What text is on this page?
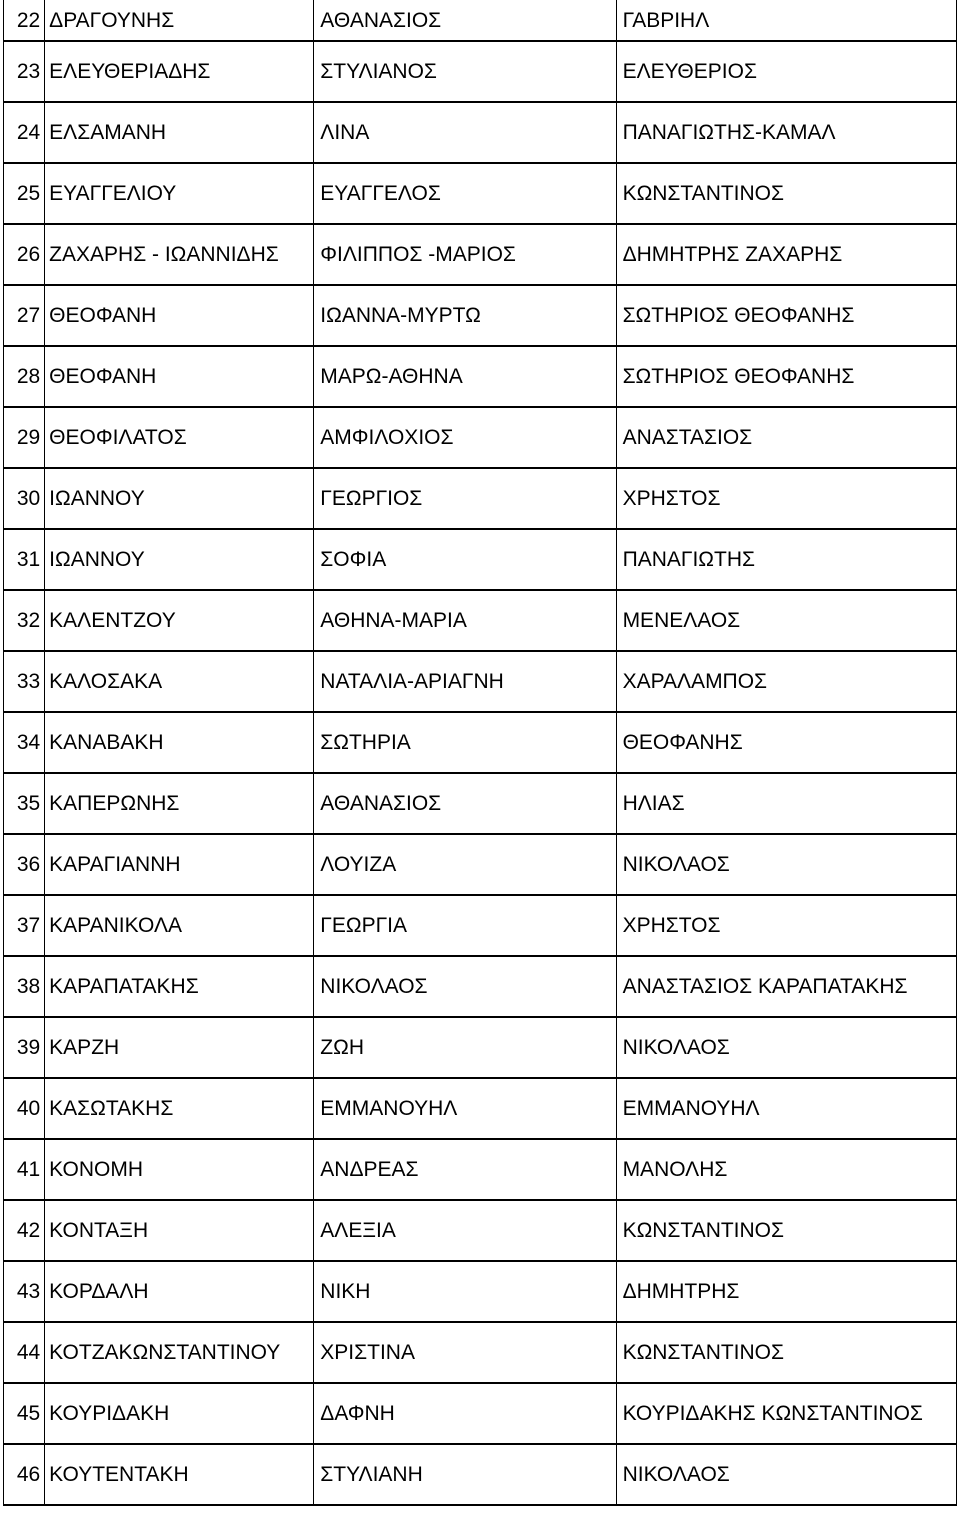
22	ΔΡΑΓΟΥΝΗΣ	ΑΘΑΝΑΣΙΟΣ	ΓΑΒΡΙΗΛ
23	ΕΛΕΥΘΕΡΙΑΔΗΣ	ΣΤΥΛΙΑΝΟΣ	ΕΛΕΥΘΕΡΙΟΣ
24	ΕΛΣΑΜΑΝΗ	ΛΙΝΑ	ΠΑΝΑΓΙΩΤΗΣ-ΚΑΜΑΛ
25	ΕΥΑΓΓΕΛΙΟΥ	ΕΥΑΓΓΕΛΟΣ	ΚΩΝΣΤΑΝΤΙΝΟΣ
26	ΖΑΧΑΡΗΣ - ΙΩΑΝΝΙΔΗΣ	ΦΙΛΙΠΠΟΣ -ΜΑΡΙΟΣ	ΔΗΜΗΤΡΗΣ ΖΑΧΑΡΗΣ
27	ΘΕΟΦΑΝΗ	ΙΩΑΝΝΑ-ΜΥΡΤΩ	ΣΩΤΗΡΙΟΣ ΘΕΟΦΑΝΗΣ
28	ΘΕΟΦΑΝΗ	ΜΑΡΩ-ΑΘΗΝΑ	ΣΩΤΗΡΙΟΣ ΘΕΟΦΑΝΗΣ
29	ΘΕΟΦΙΛΑΤΟΣ	ΑΜΦΙΛΟΧΙΟΣ	ΑΝΑΣΤΑΣΙΟΣ
30	ΙΩΑΝΝΟΥ	ΓΕΩΡΓΙΟΣ	ΧΡΗΣΤΟΣ
31	ΙΩΑΝΝΟΥ	ΣΟΦΙΑ	ΠΑΝΑΓΙΩΤΗΣ
32	ΚΑΛΕΝΤΖΟΥ	ΑΘΗΝΑ-ΜΑΡΙΑ	ΜΕΝΕΛΑΟΣ
33	ΚΑΛΟΣΑΚΑ	ΝΑΤΑΛΙΑ-ΑΡΙΑΓΝΗ	ΧΑΡΑΛΑΜΠΟΣ
34	ΚΑΝΑΒΑΚΗ	ΣΩΤΗΡΙΑ	ΘΕΟΦΑΝΗΣ
35	ΚΑΠΕΡΩΝΗΣ	ΑΘΑΝΑΣΙΟΣ	ΗΛΙΑΣ
36	ΚΑΡΑΓΙΑΝΝΗ	ΛΟΥΙΖΑ	ΝΙΚΟΛΑΟΣ
37	ΚΑΡΑΝΙΚΟΛΑ	ΓΕΩΡΓΙΑ	ΧΡΗΣΤΟΣ
38	ΚΑΡΑΠΑΤΑΚΗΣ	ΝΙΚΟΛΑΟΣ	ΑΝΑΣΤΑΣΙΟΣ ΚΑΡΑΠΑΤΑΚΗΣ
39	ΚΑΡΖΗ	ΖΩΗ	ΝΙΚΟΛΑΟΣ
40	ΚΑΣΩΤΑΚΗΣ	ΕΜΜΑΝΟΥΗΛ	ΕΜΜΑΝΟΥΗΛ
41	ΚΟΝΟΜΗ	ΑΝΔΡΕΑΣ	ΜΑΝΟΛΗΣ
42	ΚΟΝΤΑΞΗ	ΑΛΕΞΙΑ	ΚΩΝΣΤΑΝΤΙΝΟΣ
43	ΚΟΡΔΑΛΗ	ΝΙΚΗ	ΔΗΜΗΤΡΗΣ
44	ΚΟΤΖΑΚΩΝΣΤΑΝΤΙΝΟΥ	ΧΡΙΣΤΙΝΑ	ΚΩΝΣΤΑΝΤΙΝΟΣ
45	ΚΟΥΡΙΔΑΚΗ	ΔΑΦΝΗ	ΚΟΥΡΙΔΑΚΗΣ ΚΩΝΣΤΑΝΤΙΝΟΣ
46	ΚΟΥΤΕΝΤΑΚΗ	ΣΤΥΛΙΑΝΗ	ΝΙΚΟΛΑΟΣ
